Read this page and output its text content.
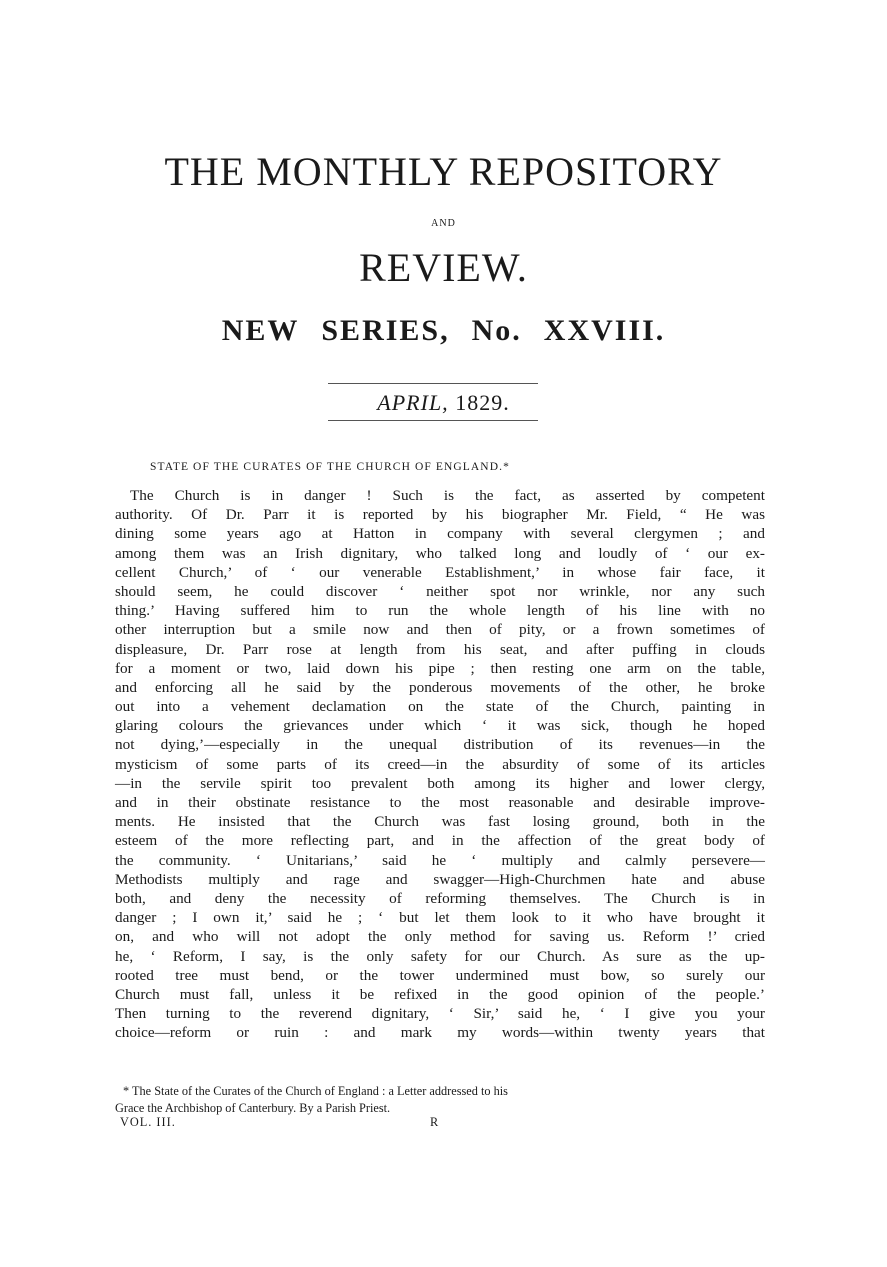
THE MONTHLY REPOSITORY
AND
REVIEW.
NEW SERIES, No. XXVIII.
APRIL, 1829.
STATE OF THE CURATES OF THE CHURCH OF ENGLAND.*
The Church is in danger ! Such is the fact, as asserted by competent
authority. Of Dr. Parr it is reported by his biographer Mr. Field, “ He was
dining some years ago at Hatton in company with several clergymen ; and
among them was an Irish dignitary, who talked long and loudly of ‘ our ex-
cellent Church,’ of ‘ our venerable Establishment,’ in whose fair face, it
should seem, he could discover ‘ neither spot nor wrinkle, nor any such
thing.’ Having suffered him to run the whole length of his line with no
other interruption but a smile now and then of pity, or a frown sometimes of
displeasure, Dr. Parr rose at length from his seat, and after puffing in clouds
for a moment or two, laid down his pipe ; then resting one arm on the table,
and enforcing all he said by the ponderous movements of the other, he broke
out into a vehement declamation on the state of the Church, painting in
glaring colours the grievances under which ‘ it was sick, though he hoped
not dying,’—especially in the unequal distribution of its revenues—in the
mysticism of some parts of its creed—in the absurdity of some of its articles
—in the servile spirit too prevalent both among its higher and lower clergy,
and in their obstinate resistance to the most reasonable and desirable improve-
ments. He insisted that the Church was fast losing ground, both in the
esteem of the more reflecting part, and in the affection of the great body of
the community. ‘ Unitarians,’ said he ‘ multiply and calmly persevere—
Methodists multiply and rage and swagger—High-Churchmen hate and abuse
both, and deny the necessity of reforming themselves. The Church is in
danger ; I own it,’ said he ; ‘ but let them look to it who have brought it
on, and who will not adopt the only method for saving us. Reform !’ cried
he, ‘ Reform, I say, is the only safety for our Church. As sure as the up-
rooted tree must bend, or the tower undermined must bow, so surely our
Church must fall, unless it be refixed in the good opinion of the people.’
Then turning to the reverend dignitary, ‘ Sir,’ said he, ‘ I give you your
choice—reform or ruin : and mark my words—within twenty years that
* The State of the Curates of the Church of England : a Letter addressed to his
Grace the Archbishop of Canterbury. By a Parish Priest.
VOL. III.	R
